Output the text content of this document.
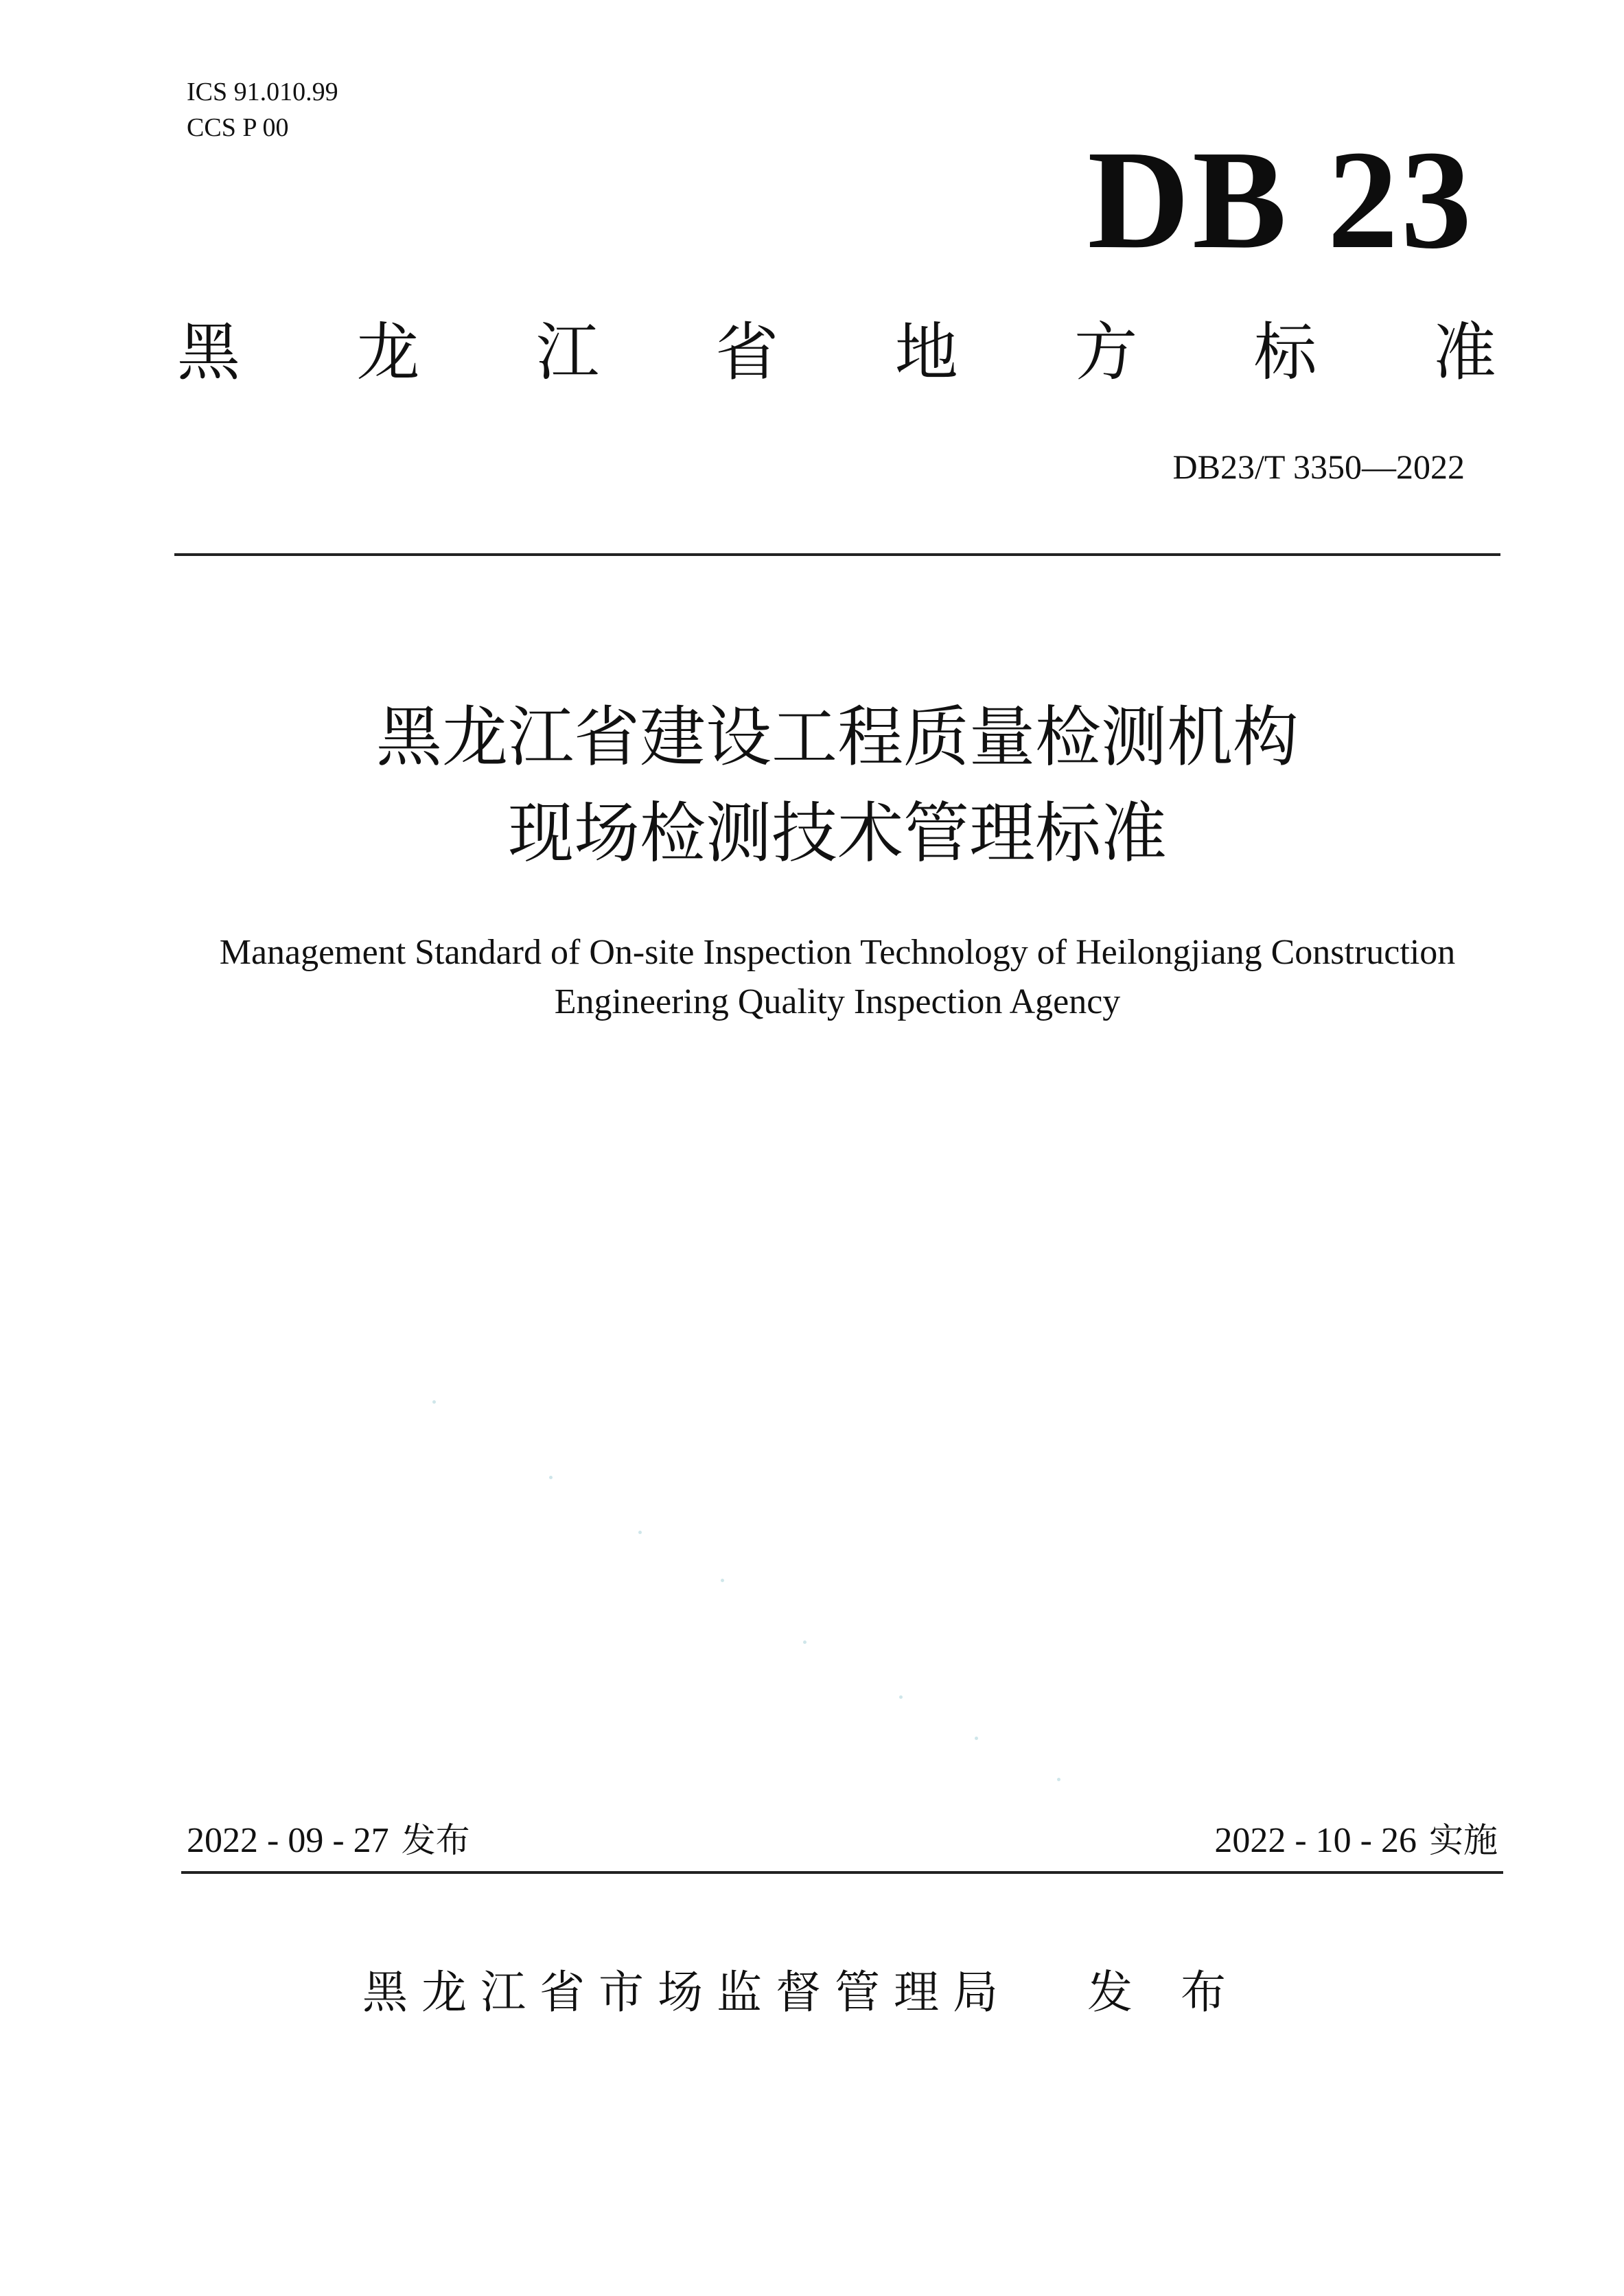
ICS 91.010.99
CCS P 00	DB 23
黑 龙 江 省 地 方 标 准
DB23/T 3350—2022
黑龙江省建设工程质量检测机构
现场检测技术管理标准
Management Standard of On-site Inspection Technology of Heilongjiang Construction
Engineering Quality Inspection Agency
2022 - 09 - 27 发布	2022 - 10 - 26 实施
黑龙江省市场监督管理局 发布
